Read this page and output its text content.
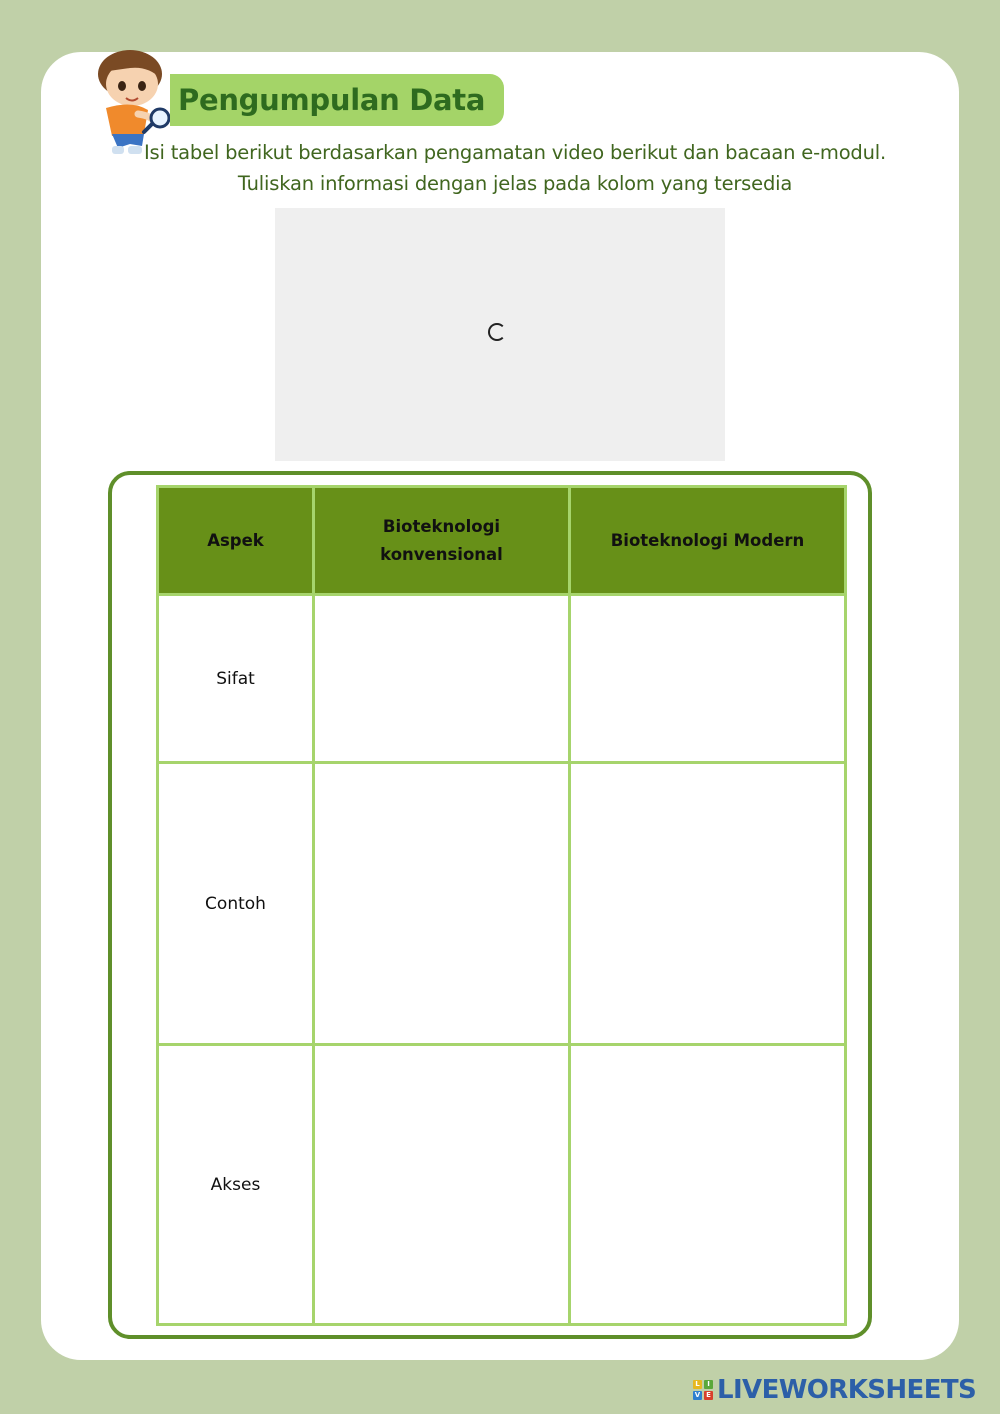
Pengumpulan Data
Isi tabel berikut berdasarkan pengamatan video berikut dan bacaan e-modul. Tuliskan informasi dengan jelas pada kolom yang tersedia
Aspek	Bioteknologi konvensional	Bioteknologi Modern
Sifat	

Contoh	

Akses	

L	I
V E LIVEWORKSHEETS
